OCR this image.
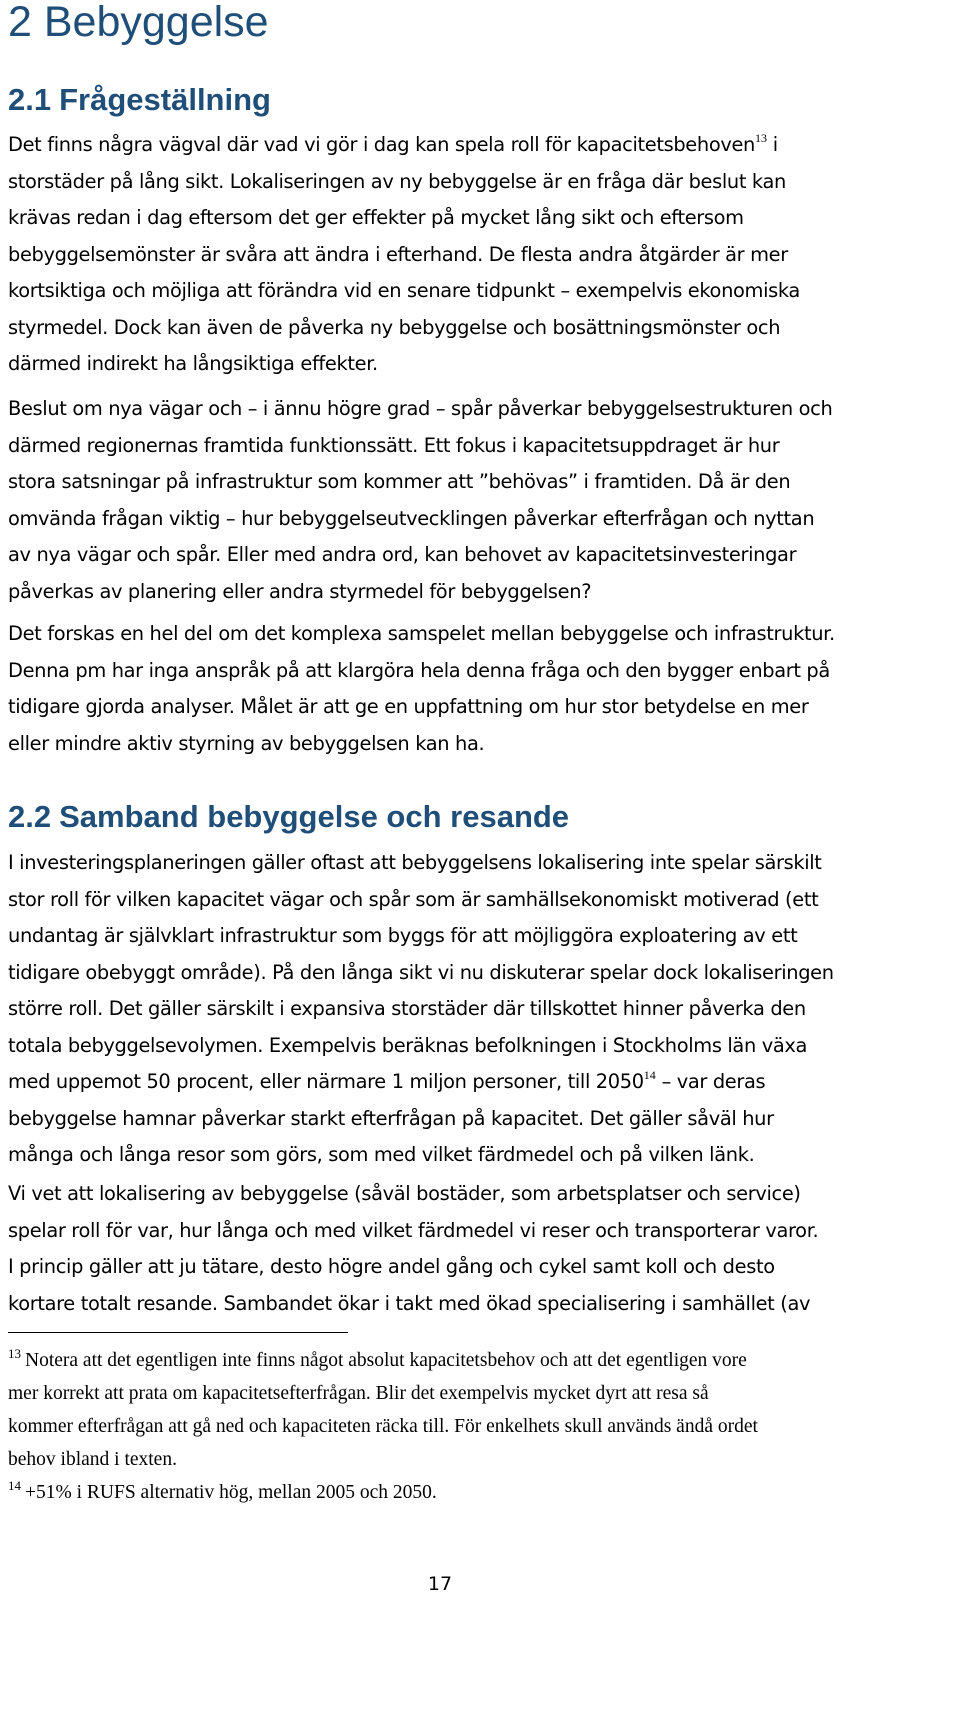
2 Bebyggelse
2.1 Frågeställning
Det finns några vägval där vad vi gör i dag kan spela roll för kapacitetsbehoven$^{13}$ i
storstäder på lång sikt. Lokaliseringen av ny bebyggelse är en fråga där beslut kan
krävas redan i dag eftersom det ger effekter på mycket lång sikt och eftersom
bebyggelsemönster är svåra att ändra i efterhand. De flesta andra åtgärder är mer
kortsiktiga och möjliga att förändra vid en senare tidpunkt – exempelvis ekonomiska
styrmedel. Dock kan även de påverka ny bebyggelse och bosättningsmönster och
därmed indirekt ha långsiktiga effekter.
Beslut om nya vägar och – i ännu högre grad – spår påverkar bebyggelsestrukturen och
därmed regionernas framtida funktionssätt. Ett fokus i kapacitetsuppdraget är hur
stora satsningar på infrastruktur som kommer att ”behövas” i framtiden. Då är den
omvända frågan viktig – hur bebyggelseutvecklingen påverkar efterfrågan och nyttan
av nya vägar och spår. Eller med andra ord, kan behovet av kapacitetsinvesteringar
påverkas av planering eller andra styrmedel för bebyggelsen?
Det forskas en hel del om det komplexa samspelet mellan bebyggelse och infrastruktur.
Denna pm har inga anspråk på att klargöra hela denna fråga och den bygger enbart på
tidigare gjorda analyser. Målet är att ge en uppfattning om hur stor betydelse en mer
eller mindre aktiv styrning av bebyggelsen kan ha.
2.2 Samband bebyggelse och resande
I investeringsplaneringen gäller oftast att bebyggelsens lokalisering inte spelar särskilt
stor roll för vilken kapacitet vägar och spår som är samhällsekonomiskt motiverad (ett
undantag är självklart infrastruktur som byggs för att möjliggöra exploatering av ett
tidigare obebyggt område). På den långa sikt vi nu diskuterar spelar dock lokaliseringen
större roll. Det gäller särskilt i expansiva storstäder där tillskottet hinner påverka den
totala bebyggelsevolymen. Exempelvis beräknas befolkningen i Stockholms län växa
med uppemot 50 procent, eller närmare 1 miljon personer, till 2050$^{14}$ – var deras
bebyggelse hamnar påverkar starkt efterfrågan på kapacitet. Det gäller såväl hur
många och långa resor som görs, som med vilket färdmedel och på vilken länk.
Vi vet att lokalisering av bebyggelse (såväl bostäder, som arbetsplatser och service)
spelar roll för var, hur långa och med vilket färdmedel vi reser och transporterar varor.
I princip gäller att ju tätare, desto högre andel gång och cykel samt koll och desto
kortare totalt resande. Sambandet ökar i takt med ökad specialisering i samhället (av
$^{13}$ Notera att det egentligen inte finns något absolut kapacitetsbehov och att det egentligen vore
mer korrekt att prata om kapacitetsefterfrågan. Blir det exempelvis mycket dyrt att resa så
kommer efterfrågan att gå ned och kapaciteten räcka till. För enkelhets skull används ändå ordet
behov ibland i texten.
$^{14}$ +51% i RUFS alternativ hög, mellan 2005 och 2050.
17
